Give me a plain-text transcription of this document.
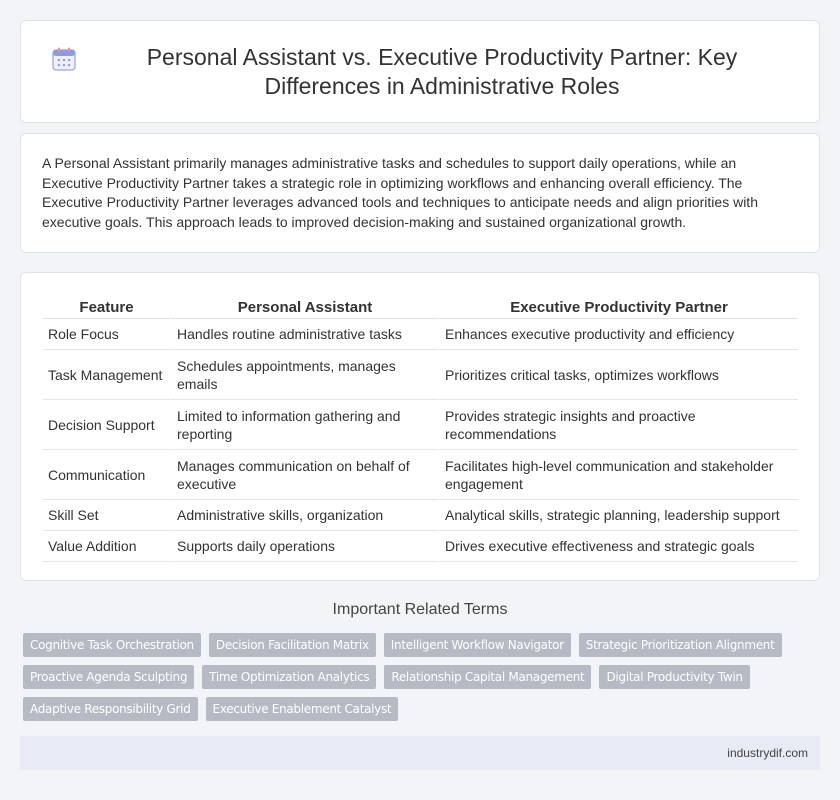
Personal Assistant vs. Executive Productivity Partner: Key Differences in Administrative Roles

A Personal Assistant primarily manages administrative tasks and schedules to support daily operations, while an Executive Productivity Partner takes a strategic role in optimizing workflows and enhancing overall efficiency. The Executive Productivity Partner leverages advanced tools and techniques to anticipate needs and align priorities with executive goals. This approach leads to improved decision-making and sustained organizational growth.

Feature	Personal Assistant	Executive Productivity Partner
Role Focus	Handles routine administrative tasks	Enhances executive productivity and efficiency
Task Management	Schedules appointments, manages emails	Prioritizes critical tasks, optimizes workflows
Decision Support	Limited to information gathering and reporting	Provides strategic insights and proactive recommendations
Communication	Manages communication on behalf of executive	Facilitates high-level communication and stakeholder engagement
Skill Set	Administrative skills, organization	Analytical skills, strategic planning, leadership support
Value Addition	Supports daily operations	Drives executive effectiveness and strategic goals
Important Related Terms
Cognitive Task Orchestration	Decision Facilitation Matrix	Intelligent Workflow Navigator	Strategic Prioritization Alignment
Proactive Agenda Sculpting	Time Optimization Analytics	Relationship Capital Management	Digital Productivity Twin
Adaptive Responsibility Grid	Executive Enablement Catalyst
industrydif.com
